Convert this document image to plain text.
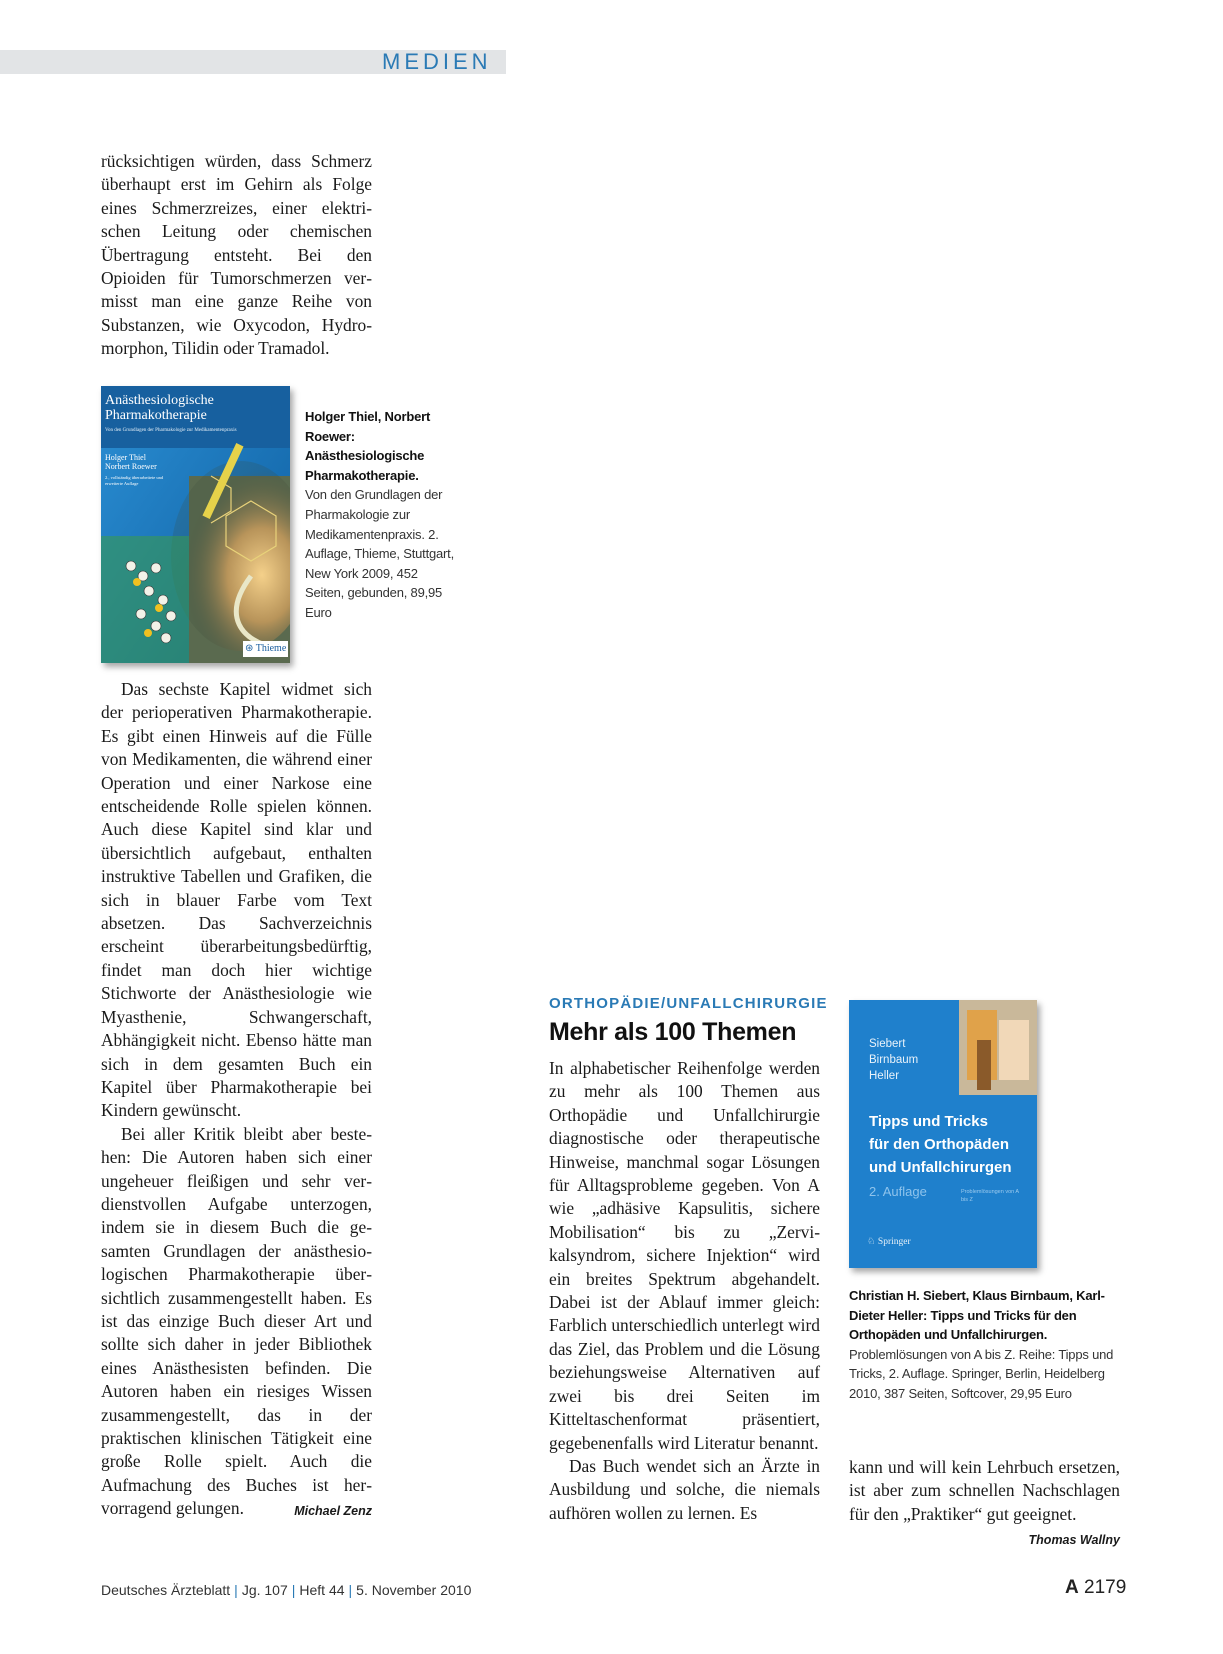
MEDIEN

rücksichtigen würden, dass Schmerz überhaupt erst im Gehirn als Folge eines Schmerzreizes, einer elektrischen Leitung oder chemischen Übertragung entsteht. Bei den Opioiden für Tumorschmerzen vermisst man eine ganze Reihe von Substanzen, wie Oxycodon, Hydromorphon, Tilidin oder Tramadol.

Anästhesiologische Pharmakotherapie
Von den Grundlagen der Pharmakologie zur Medikamentenpraxis
Holger Thiel
Norbert Roewer
2., vollständig überarbeitete und erweiterte Auflage
⊛ Thieme
Holger Thiel, Norbert Roewer: Anästhesiologische Pharmakotherapie.
Von den Grundlagen der Pharmakologie zur Medikamentenpraxis. 2. Auflage, Thieme, Stuttgart, New York 2009, 452 Seiten, gebunden, 89,95 Euro

Das sechste Kapitel widmet sich der perioperativen Pharmakotherapie. Es gibt einen Hinweis auf die Fülle von Medikamenten, die während einer Operation und einer Narkose eine entscheidende Rolle spielen können. Auch diese Kapitel sind klar und übersichtlich aufgebaut, enthalten instruktive Tabellen und Grafiken, die sich in blauer Farbe vom Text absetzen. Das Sachverzeichnis erscheint überarbeitungsbedürftig, findet man doch hier wichtige Stichworte der Anästhesiologie wie Myasthenie, Schwangerschaft, Abhängigkeit nicht. Ebenso hätte man sich in dem gesamten Buch ein Kapitel über Pharmakotherapie bei Kindern gewünscht.

Bei aller Kritik bleibt aber bestehen: Die Autoren haben sich einer ungeheuer fleißigen und sehr verdienstvollen Aufgabe unterzogen, indem sie in diesem Buch die gesamten Grundlagen der anästhesiologischen Pharmakotherapie übersichtlich zusammengestellt haben. Es ist das einzige Buch dieser Art und sollte sich daher in jeder Bibliothek eines Anästhesisten befinden. Die Autoren haben ein riesiges Wissen zusammengestellt, das in der praktischen klinischen Tätigkeit eine große Rolle spielt. Auch die Aufmachung des Buches ist hervorragend gelungen.	Michael Zenz

ORTHOPÄDIE/UNFALLCHIRURGIE
Mehr als 100 Themen

In alphabetischer Reihenfolge werden zu mehr als 100 Themen aus Orthopädie und Unfallchirurgie diagnostische oder therapeutische Hinweise, manchmal sogar Lösungen für Alltagsprobleme gegeben. Von A wie „adhäsive Kapsulitis, sichere Mobilisation“ bis zu „Zervikalsyndrom, sichere Injektion“ wird ein breites Spektrum abgehandelt. Dabei ist der Ablauf immer gleich: Farblich unterschiedlich unterlegt wird das Ziel, das Problem und die Lösung beziehungsweise Alternativen auf zwei bis drei Seiten im Kitteltaschenformat präsentiert, gegebenenfalls wird Literatur benannt.

Das Buch wendet sich an Ärzte in Ausbildung und solche, die niemals aufhören wollen zu lernen. Es

Siebert
Birnbaum
Heller
Tipps und Tricks
für den Orthopäden
und Unfallchirurgen
2. Auflage	Problemlösungen von A bis Z
♘ Springer
Christian H. Siebert, Klaus Birnbaum, Karl-Dieter Heller: Tipps und Tricks für den Orthopäden und Unfallchirurgen.
Problemlösungen von A bis Z. Reihe: Tipps und Tricks, 2. Auflage. Springer, Berlin, Heidelberg 2010, 387 Seiten, Softcover, 29,95 Euro

kann und will kein Lehrbuch ersetzen, ist aber zum schnellen Nachschlagen für den „Praktiker“ gut geeignet.
Thomas Wallny

Deutsches Ärzteblatt | Jg. 107 | Heft 44 | 5. November 2010	A 2179
